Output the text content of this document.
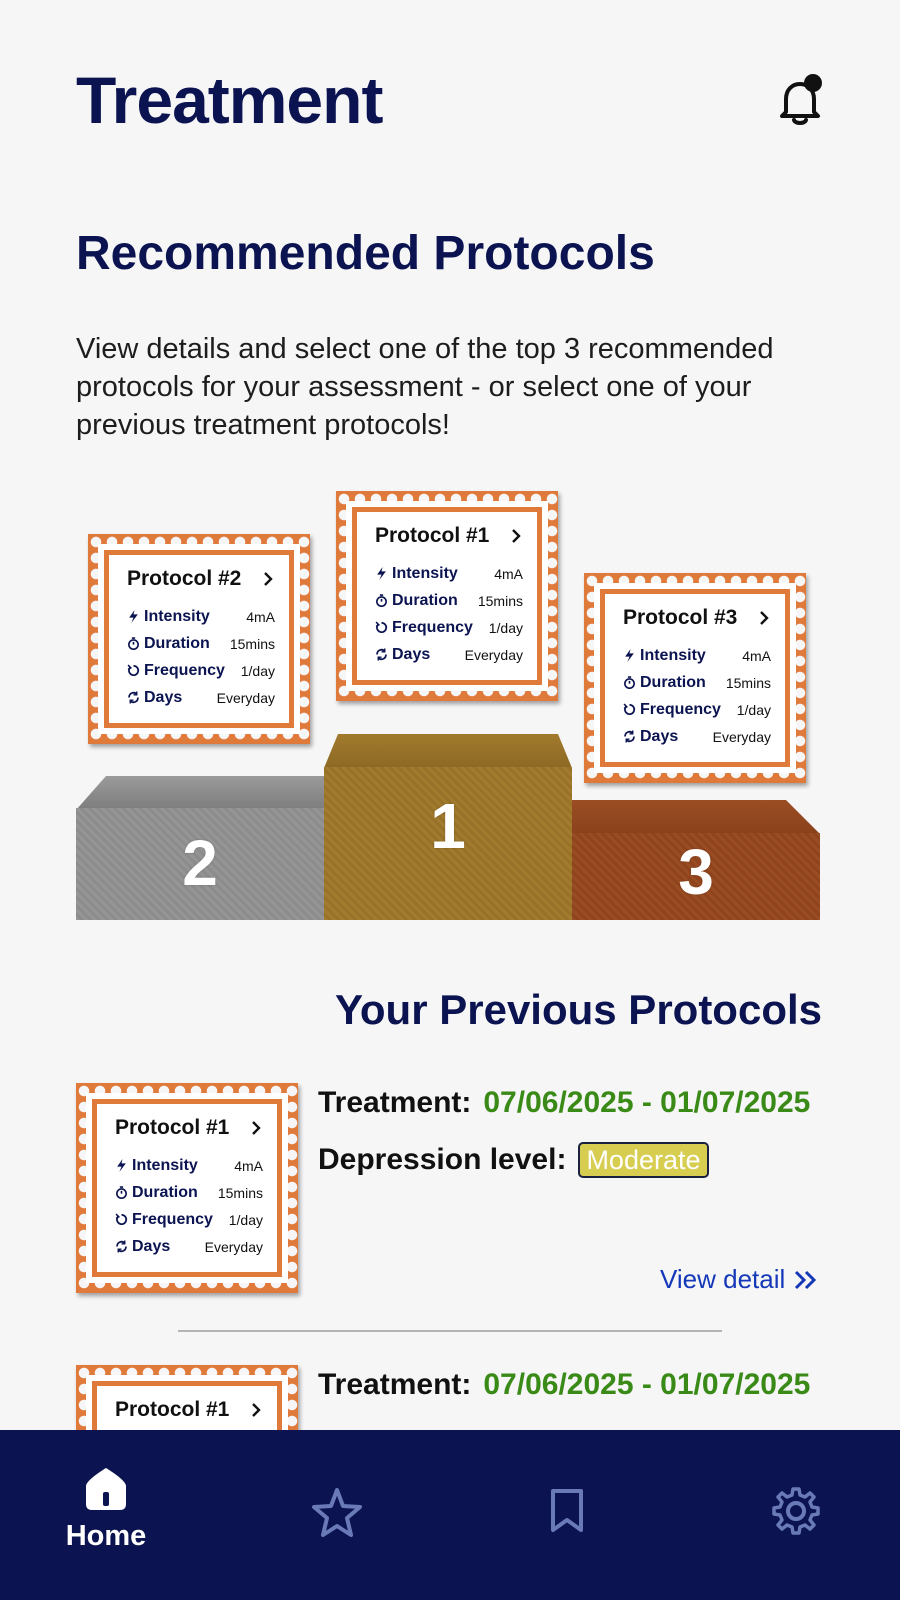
Treatment
Recommended Protocols
View details and select one of the top 3 recommended protocols for your assessment - or select one of your previous treatment protocols!
2
1
3
Protocol #2
Intensity	4mA
Duration 15mins
Frequency 1/day
Days Everyday
Protocol #1
Intensity	4mA
Duration 15mins
Frequency 1/day
Days Everyday
Protocol #3
Intensity	4mA
Duration 15mins
Frequency 1/day
Days Everyday
Your Previous Protocols
Protocol #1
Intensity	4mA
Duration 15mins
Frequency 1/day
Days Everyday
Treatment: 07/06/2025 - 01/07/2025
Depression level: Moderate
View detail
Protocol #1
Treatment: 07/06/2025 - 01/07/2025
Home
